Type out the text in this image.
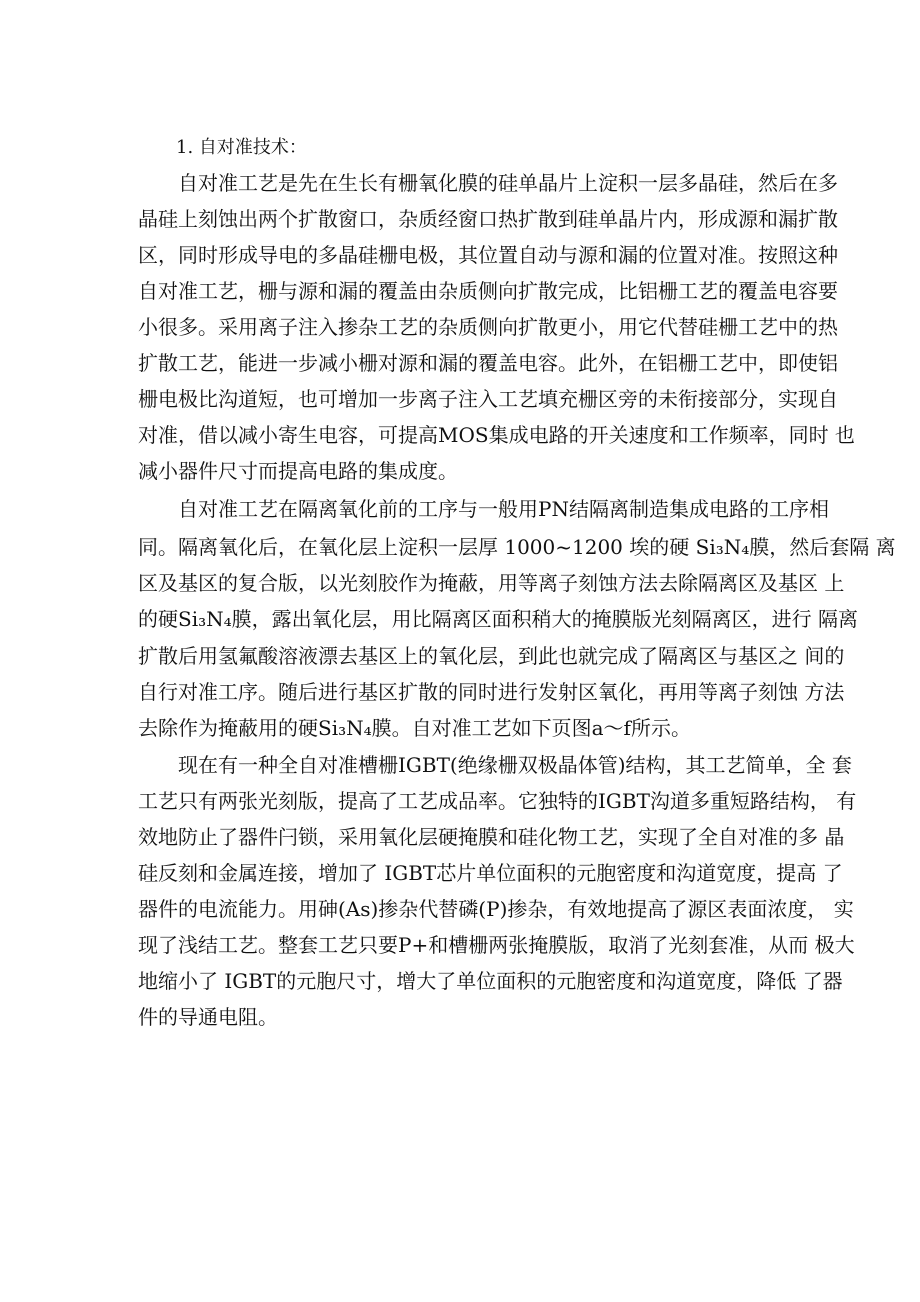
1. 自对准技术：
自对准工艺是先在生长有栅氧化膜的硅单晶片上淀积一层多晶硅，然后在多
晶硅上刻蚀出两个扩散窗口，杂质经窗口热扩散到硅单晶片内，形成源和漏扩散
区，同时形成导电的多晶硅栅电极，其位置自动与源和漏的位置对准。按照这种
自对准工艺，栅与源和漏的覆盖由杂质侧向扩散完成，比铝栅工艺的覆盖电容要
小很多。采用离子注入掺杂工艺的杂质侧向扩散更小，用它代替硅栅工艺中的热
扩散工艺，能进一步减小栅对源和漏的覆盖电容。此外，在铝栅工艺中，即使铝
栅电极比沟道短，也可增加一步离子注入工艺填充栅区旁的未衔接部分，实现自
对准，借以减小寄生电容，可提高MOS集成电路的开关速度和工作频率，同时 也
减小器件尺寸而提高电路的集成度。
自对准工艺在隔离氧化前的工序与一般用PN结隔离制造集成电路的工序相
同。隔离氧化后，在氧化层上淀积一层厚 1000~1200 埃的硬 Si₃N₄膜，然后套隔 离
区及基区的复合版，以光刻胶作为掩蔽，用等离子刻蚀方法去除隔离区及基区 上
的硬Si₃N₄膜，露出氧化层，用比隔离区面积稍大的掩膜版光刻隔离区，进行 隔离
扩散后用氢氟酸溶液漂去基区上的氧化层，到此也就完成了隔离区与基区之 间的
自行对准工序。随后进行基区扩散的同时进行发射区氧化，再用等离子刻蚀 方法
去除作为掩蔽用的硬Si₃N₄膜。自对准工艺如下页图a〜f所示。
现在有一种全自对准槽栅IGBT(绝缘栅双极晶体管)结构，其工艺简单，全 套
工艺只有两张光刻版，提高了工艺成品率。它独特的IGBT沟道多重短路结构， 有
效地防止了器件闩锁，采用氧化层硬掩膜和硅化物工艺，实现了全自对准的多 晶
硅反刻和金属连接，增加了 IGBT芯片单位面积的元胞密度和沟道宽度，提高 了
器件的电流能力。用砷(As)掺杂代替磷(P)掺杂，有效地提高了源区表面浓度， 实
现了浅结工艺。整套工艺只要P+和槽栅两张掩膜版，取消了光刻套准，从而 极大
地缩小了 IGBT的元胞尺寸，增大了单位面积的元胞密度和沟道宽度，降低 了器
件的导通电阻。
